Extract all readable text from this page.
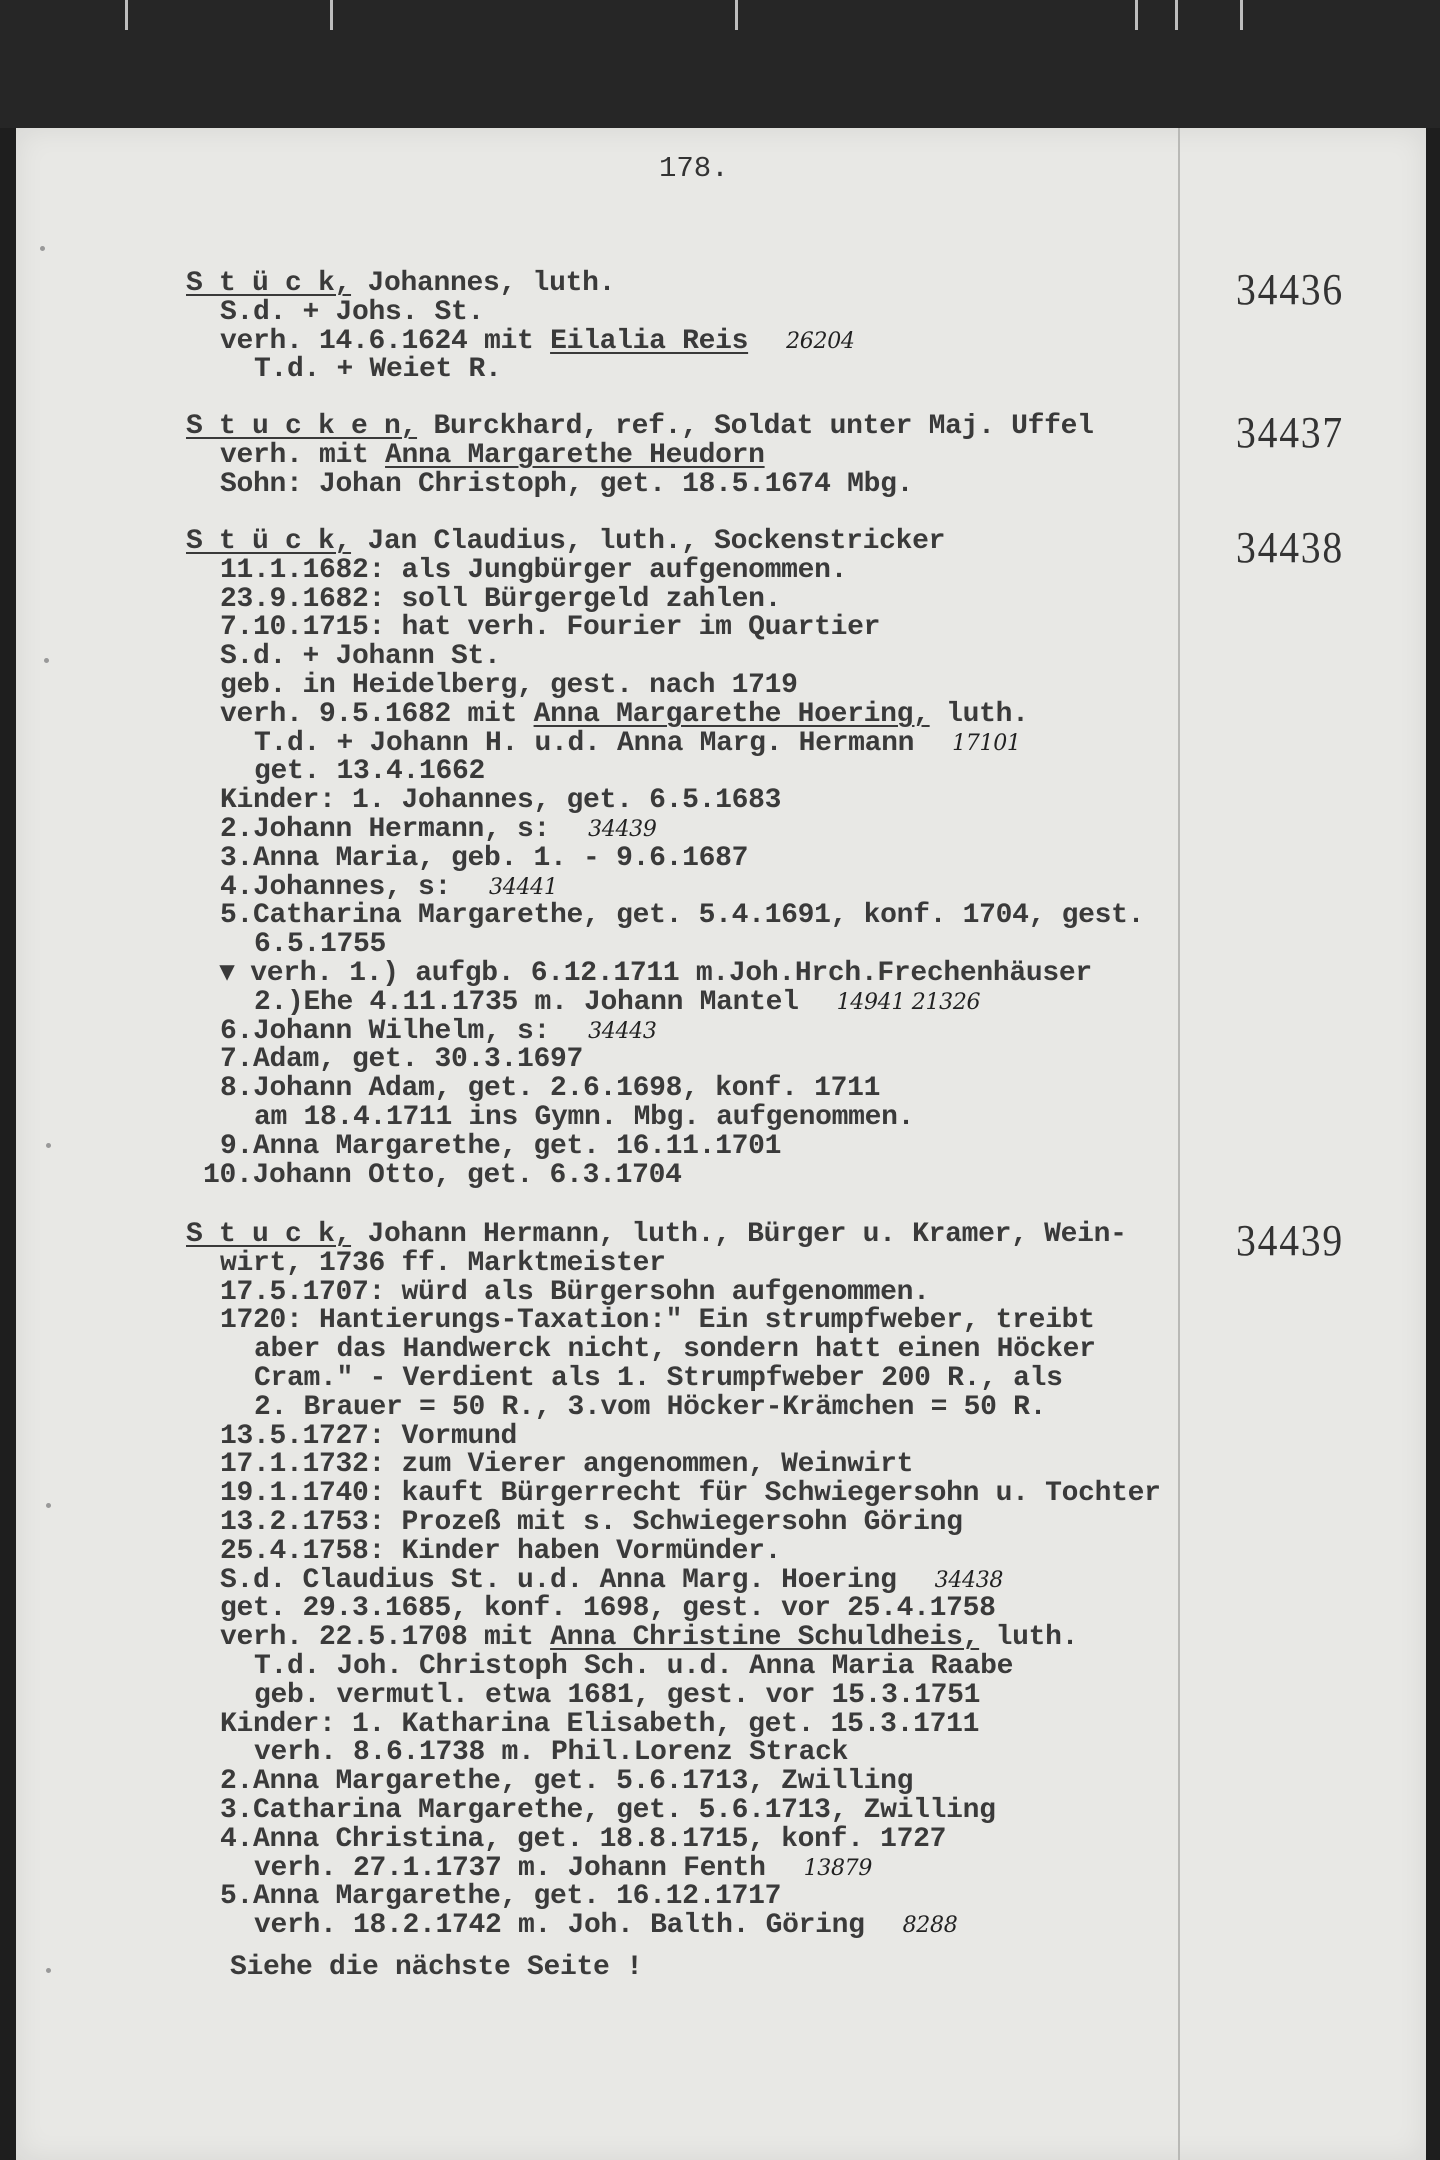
178.
34436
S t ü c k, Johannes, luth.
S.d. + Johs. St.
verh. 14.6.1624 mit Eilalia Reis 26204
T.d. + Weiet R.
34437
S t u c k e n, Burckhard, ref., Soldat unter Maj. Uffel
verh. mit Anna Margarethe Heudorn
Sohn: Johan Christoph, get. 18.5.1674 Mbg.
34438
S t ü c k, Jan Claudius, luth., Sockenstricker
11.1.1682: als Jungbürger aufgenommen.
23.9.1682: soll Bürgergeld zahlen.
7.10.1715: hat verh. Fourier im Quartier
S.d. + Johann St.
geb. in Heidelberg, gest. nach 1719
verh. 9.5.1682 mit Anna Margarethe Hoering, luth.
T.d. + Johann H. u.d. Anna Marg. Hermann 17101
get. 13.4.1662
Kinder: 1. Johannes, get. 6.5.1683
2.Johann Hermann, s: 34439
3.Anna Maria, geb. 1. - 9.6.1687
4.Johannes, s: 34441
5.Catharina Margarethe, get. 5.4.1691, konf. 1704, gest.
6.5.1755
▾ verh. 1.) aufgb. 6.12.1711 m.Joh.Hrch.Frechenhäuser
2.)Ehe 4.11.1735 m. Johann Mantel 14941 21326
6.Johann Wilhelm, s: 34443
7.Adam, get. 30.3.1697
8.Johann Adam, get. 2.6.1698, konf. 1711
am 18.4.1711 ins Gymn. Mbg. aufgenommen.
9.Anna Margarethe, get. 16.11.1701
10.Johann Otto, get. 6.3.1704
34439
S t u c k, Johann Hermann, luth., Bürger u. Kramer, Wein-
wirt, 1736 ff. Marktmeister
17.5.1707: würd als Bürgersohn aufgenommen.
1720: Hantierungs-Taxation:" Ein strumpfweber, treibt
aber das Handwerck nicht, sondern hatt einen Höcker
Cram." - Verdient als 1. Strumpfweber 200 R., als
2. Brauer = 50 R., 3.vom Höcker-Krämchen = 50 R.
13.5.1727: Vormund
17.1.1732: zum Vierer angenommen, Weinwirt
19.1.1740: kauft Bürgerrecht für Schwiegersohn u. Tochter
13.2.1753: Prozeß mit s. Schwiegersohn Göring
25.4.1758: Kinder haben Vormünder.
S.d. Claudius St. u.d. Anna Marg. Hoering 34438
get. 29.3.1685, konf. 1698, gest. vor 25.4.1758
verh. 22.5.1708 mit Anna Christine Schuldheis, luth.
T.d. Joh. Christoph Sch. u.d. Anna Maria Raabe
geb. vermutl. etwa 1681, gest. vor 15.3.1751
Kinder: 1. Katharina Elisabeth, get. 15.3.1711
verh. 8.6.1738 m. Phil.Lorenz Strack
2.Anna Margarethe, get. 5.6.1713, Zwilling
3.Catharina Margarethe, get. 5.6.1713, Zwilling
4.Anna Christina, get. 18.8.1715, konf. 1727
verh. 27.1.1737 m. Johann Fenth 13879
5.Anna Margarethe, get. 16.12.1717
verh. 18.2.1742 m. Joh. Balth. Göring 8288
Siehe die nächste Seite !
